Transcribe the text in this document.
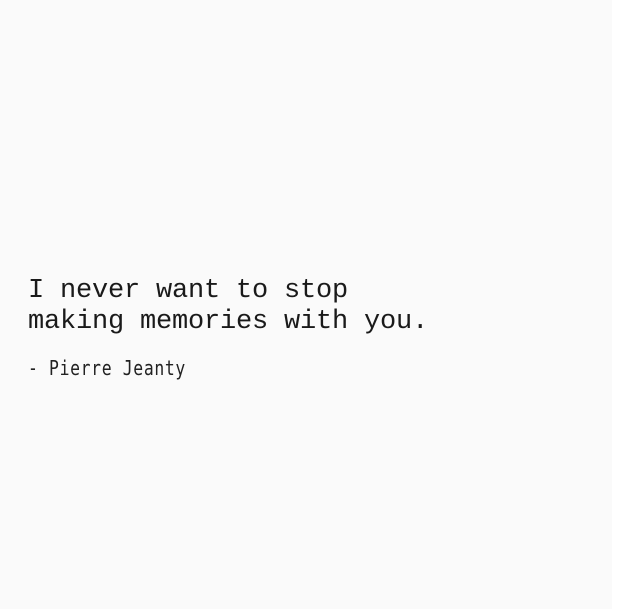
I never want to stop
making memories with you.

- Pierre Jeanty
